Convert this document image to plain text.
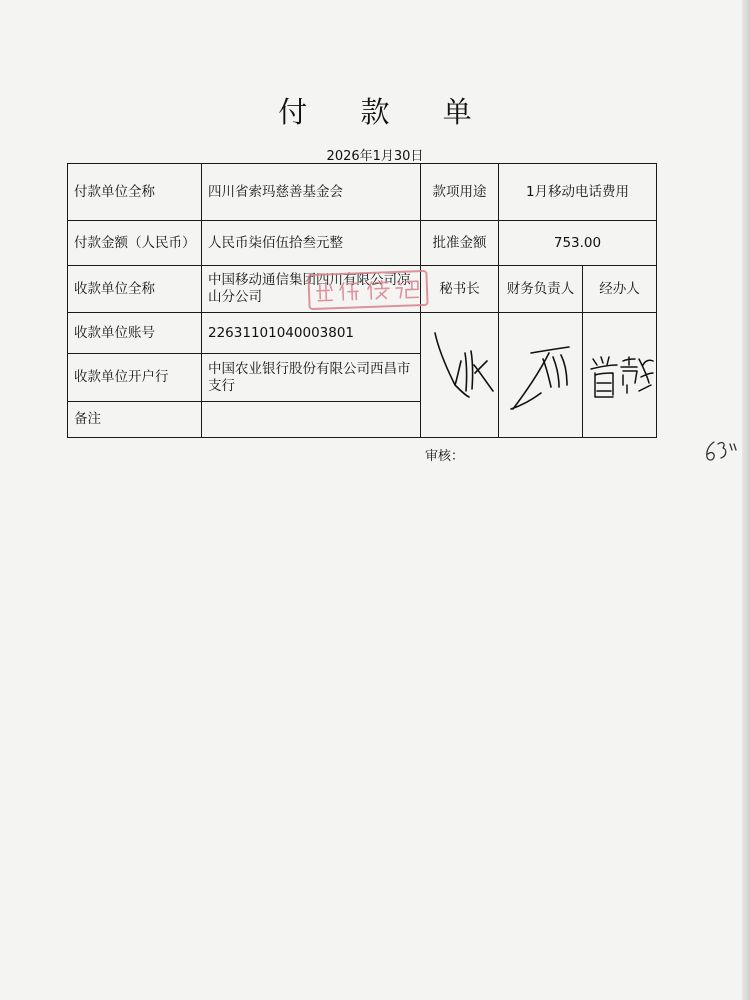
付 款 单
2026年1月30日
付款单位全称	四川省索玛慈善基金会	款项用途	1月移动电话费用	
付款金额（人民币）	人民币柒佰伍拾叁元整	批准金额	753.00	
收款单位全称	中国移动通信集团四川有限公司凉山分公司	秘书长	财务负责人	经办人
收款单位账号	22631101040003801	

收款单位开户行	中国农业银行股份有限公司西昌市支行			
备注				
审核：
